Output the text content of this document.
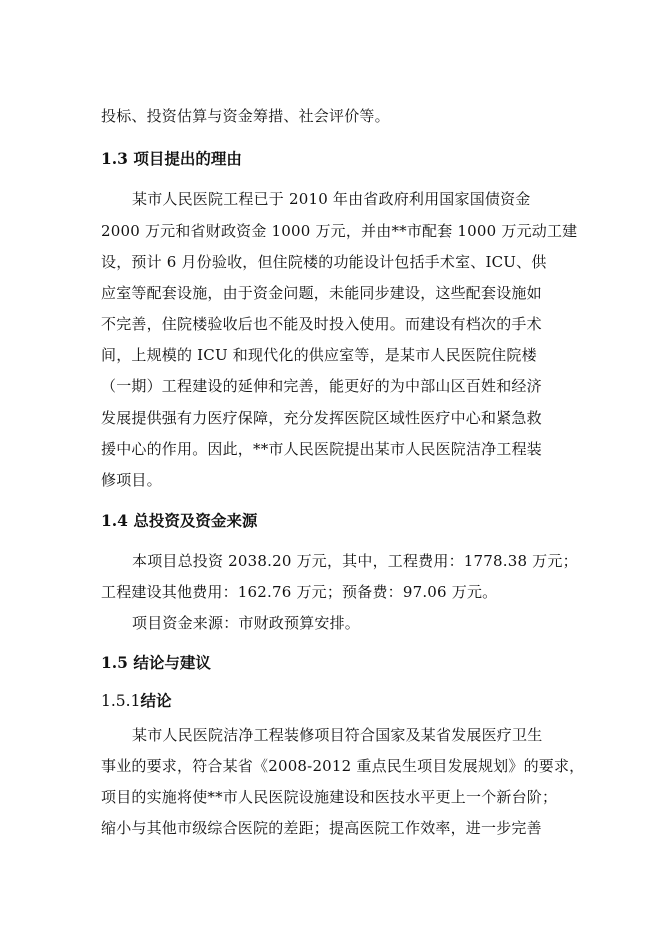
投标、投资估算与资金筹措、社会评价等。
1.3 项目提出的理由
某市人民医院工程已于 2010 年由省政府利用国家国债资金
2000 万元和省财政资金 1000 万元，并由**市配套 1000 万元动工建
设，预计 6 月份验收，但住院楼的功能设计包括手术室、ICU、供
应室等配套设施，由于资金问题，未能同步建设，这些配套设施如
不完善，住院楼验收后也不能及时投入使用。而建设有档次的手术
间，上规模的 ICU 和现代化的供应室等，是某市人民医院住院楼
（一期）工程建设的延伸和完善，能更好的为中部山区百姓和经济
发展提供强有力医疗保障，充分发挥医院区域性医疗中心和紧急救
援中心的作用。因此，**市人民医院提出某市人民医院洁净工程装
修项目。
1.4 总投资及资金来源
本项目总投资 2038.20 万元，其中，工程费用：1778.38 万元；
工程建设其他费用：162.76 万元；预备费：97.06 万元。
项目资金来源：市财政预算安排。
1.5 结论与建议
1.5.1结论
某市人民医院洁净工程装修项目符合国家及某省发展医疗卫生
事业的要求，符合某省《2008-2012 重点民生项目发展规划》的要求，
项目的实施将使**市人民医院设施建设和医技水平更上一个新台阶；
缩小与其他市级综合医院的差距；提高医院工作效率，进一步完善
